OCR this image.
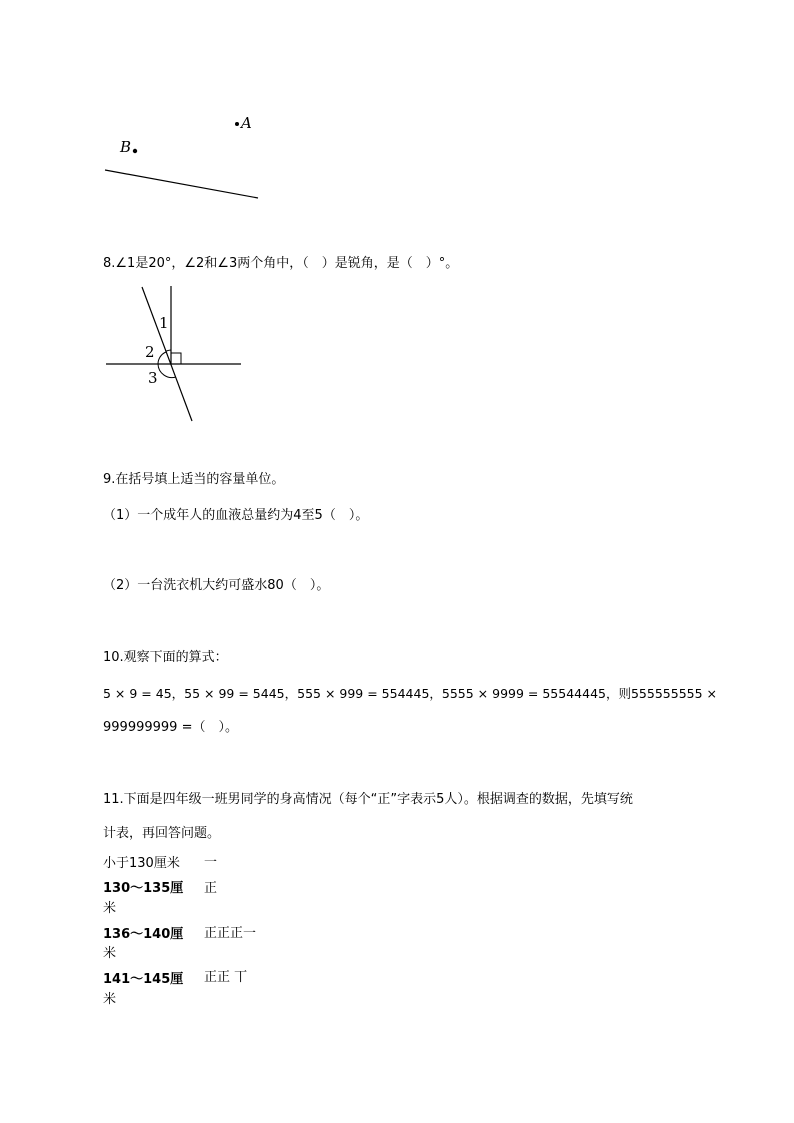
A
B
8.∠1是20°，∠2和∠3两个角中，（　）是锐角，是（　）°。
1
2
3
9.在括号填上适当的容量单位。
（1）一个成年人的血液总量约为4至5（　）。
（2）一台洗衣机大约可盛水80（　）。
10.观察下面的算式：
5 × 9 = 45，55 × 99 = 5445，555 × 999 = 554445，5555 × 9999 = 55544445，则555555555 ×
999999999 =（　）。
11.下面是四年级一班男同学的身高情况（每个“正”字表示5人）。根据调查的数据，先填写统
计表，再回答问题。
小于130厘米 一
130～135厘
米
正
136～140厘
米
正正正一
141～145厘
米
正正 丅
